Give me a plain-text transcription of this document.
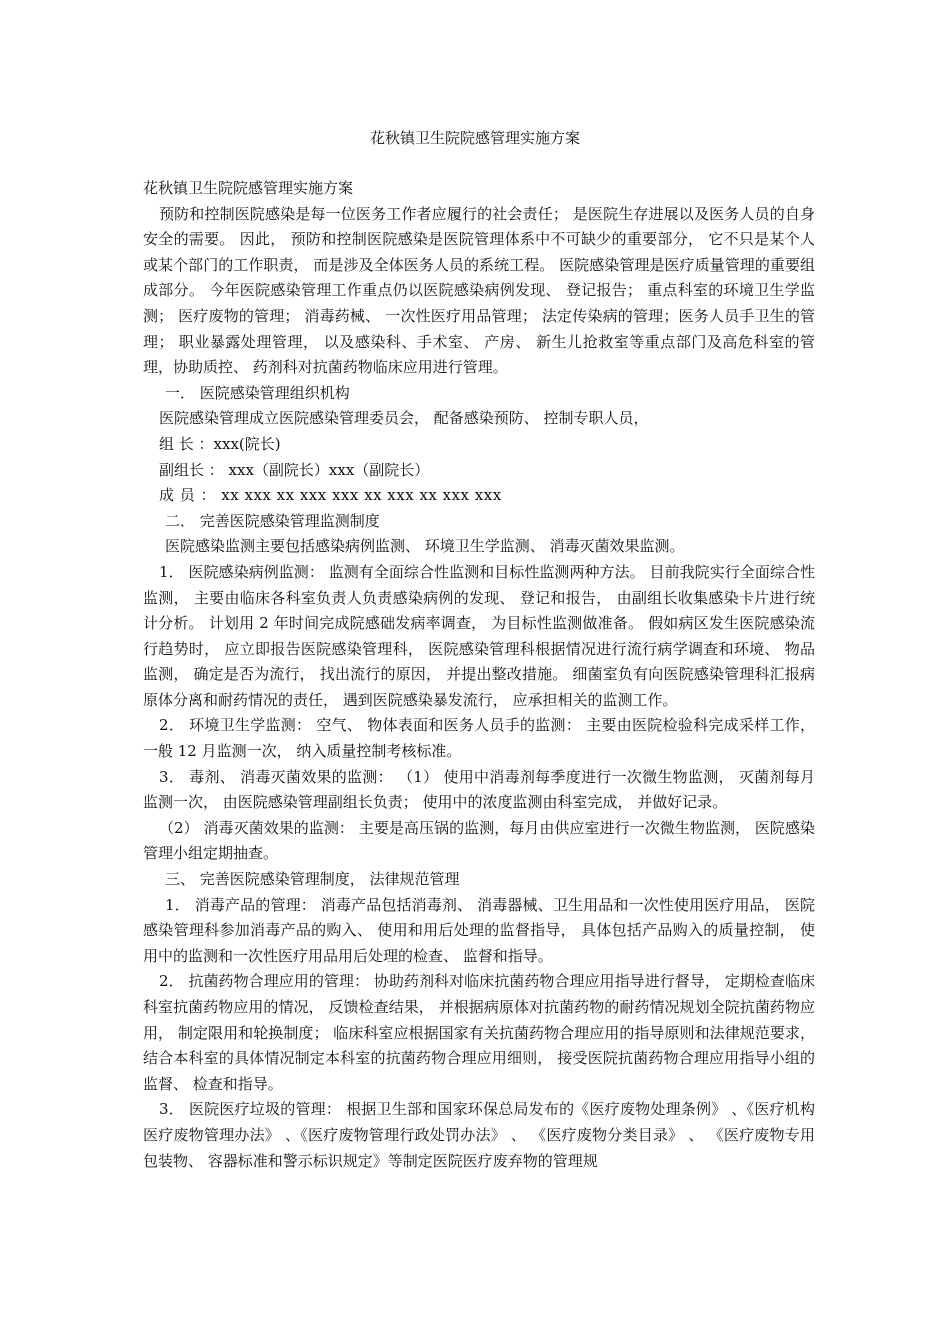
花秋镇卫生院院感管理实施方案

花秋镇卫生院院感管理实施方案

预防和控制医院感染是每一位医务工作者应履行的社会责任； 是医院生存进展以及医务人员的自身安全的需要。 因此， 预防和控制医院感染是医院管理体系中不可缺少的重要部分， 它不只是某个人或某个部门的工作职责， 而是涉及全体医务人员的系统工程。 医院感染管理是医疗质量管理的重要组成部分。 今年医院感染管理工作重点仍以医院感染病例发现、 登记报告； 重点科室的环境卫生学监测； 医疗废物的管理； 消毒药械、 一次性医疗用品管理； 法定传染病的管理；医务人员手卫生的管理； 职业暴露处理管理， 以及感染科、手术室、 产房、 新生儿抢救室等重点部门及高危科室的管理，协助质控、 药剂科对抗菌药物临床应用进行管理。

一． 医院感染管理组织机构

医院感染管理成立医院感染管理委员会， 配备感染预防、 控制专职人员，

组 长 ：xxx(院长)

副组长 ： xxx（副院长）xxx（副院长）

成 员 ： xx xxx xx xxx xxx xx xxx xx xxx xxx

二． 完善医院感染管理监测制度

医院感染监测主要包括感染病例监测、 环境卫生学监测、 消毒灭菌效果监测。

1． 医院感染病例监测： 监测有全面综合性监测和目标性监测两种方法。 目前我院实行全面综合性监测， 主要由临床各科室负责人负责感染病例的发现、 登记和报告， 由副组长收集感染卡片进行统计分析。 计划用 2 年时间完成院感础发病率调查， 为目标性监测做准备。 假如病区发生医院感染流行趋势时， 应立即报告医院感染管理科， 医院感染管理科根据情况进行流行病学调查和环境、 物品监测， 确定是否为流行， 找出流行的原因， 并提出整改措施。 细菌室负有向医院感染管理科汇报病原体分离和耐药情况的责任， 遇到医院感染暴发流行， 应承担相关的监测工作。

2． 环境卫生学监测： 空气、 物体表面和医务人员手的监测： 主要由医院检验科完成采样工作， 一般 12 月监测一次， 纳入质量控制考核标准。

3． 毒剂、 消毒灭菌效果的监测： （1） 使用中消毒剂每季度进行一次微生物监测， 灭菌剂每月监测一次， 由医院感染管理副组长负责； 使用中的浓度监测由科室完成， 并做好记录。

（2） 消毒灭菌效果的监测： 主要是高压锅的监测，每月由供应室进行一次微生物监测， 医院感染管理小组定期抽查。

三、 完善医院感染管理制度， 法律规范管理

1． 消毒产品的管理： 消毒产品包括消毒剂、 消毒器械、卫生用品和一次性使用医疗用品， 医院感染管理科参加消毒产品的购入、 使用和用后处理的监督指导， 具体包括产品购入的质量控制， 使用中的监测和一次性医疗用品用后处理的检查、 监督和指导。

2． 抗菌药物合理应用的管理： 协助药剂科对临床抗菌药物合理应用指导进行督导， 定期检查临床科室抗菌药物应用的情况， 反馈检查结果， 并根据病原体对抗菌药物的耐药情况规划全院抗菌药物应用， 制定限用和轮换制度； 临床科室应根据国家有关抗菌药物合理应用的指导原则和法律规范要求， 结合本科室的具体情况制定本科室的抗菌药物合理应用细则， 接受医院抗菌药物合理应用指导小组的监督、 检查和指导。

3． 医院医疗垃圾的管理： 根据卫生部和国家环保总局发布的《医疗废物处理条例》 、《医疗机构医疗废物管理办法》 、《医疗废物管理行政处罚办法》 、 《医疗废物分类目录》 、 《医疗废物专用包装物、 容器标准和警示标识规定》等制定医院医疗废弃物的管理规
